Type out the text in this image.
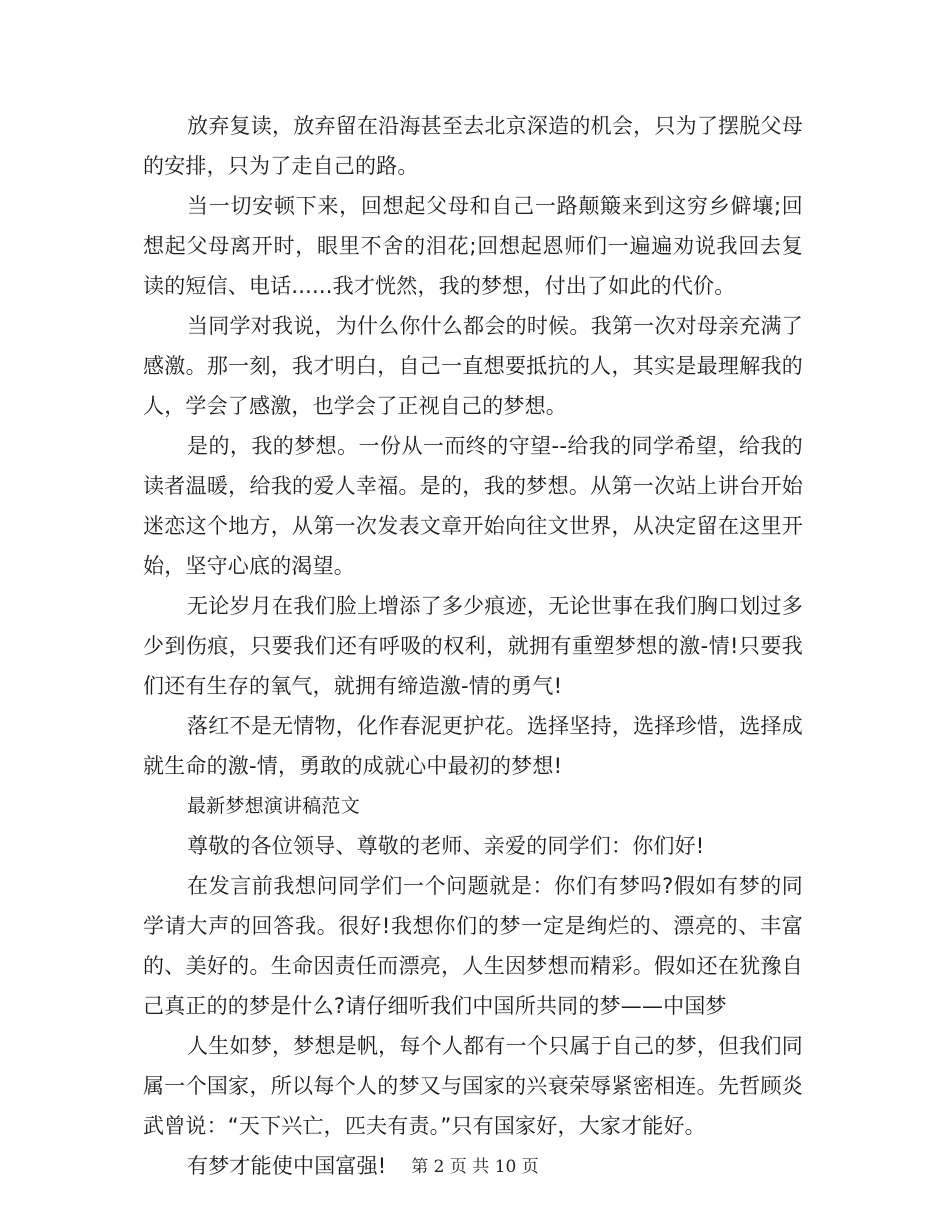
放弃复读，放弃留在沿海甚至去北京深造的机会，只为了摆脱父母的安排，只为了走自己的路。

当一切安顿下来，回想起父母和自己一路颠簸来到这穷乡僻壤;回想起父母离开时，眼里不舍的泪花;回想起恩师们一遍遍劝说我回去复读的短信、电话......我才恍然，我的梦想，付出了如此的代价。

当同学对我说，为什么你什么都会的时候。我第一次对母亲充满了感激。那一刻，我才明白，自己一直想要抵抗的人，其实是最理解我的人，学会了感激，也学会了正视自己的梦想。

是的，我的梦想。一份从一而终的守望--给我的同学希望，给我的读者温暖，给我的爱人幸福。是的，我的梦想。从第一次站上讲台开始迷恋这个地方，从第一次发表文章开始向往文世界，从决定留在这里开始，坚守心底的渴望。

无论岁月在我们脸上增添了多少痕迹，无论世事在我们胸口划过多少到伤痕，只要我们还有呼吸的权利，就拥有重塑梦想的激-情!只要我们还有生存的氧气，就拥有缔造激-情的勇气!

落红不是无情物，化作春泥更护花。选择坚持，选择珍惜，选择成就生命的激-情，勇敢的成就心中最初的梦想!

最新梦想演讲稿范文

尊敬的各位领导、尊敬的老师、亲爱的同学们：你们好!

在发言前我想问同学们一个问题就是：你们有梦吗?假如有梦的同学请大声的回答我。很好!我想你们的梦一定是绚烂的、漂亮的、丰富的、美好的。生命因责任而漂亮，人生因梦想而精彩。假如还在犹豫自己真正的的梦是什么?请仔细听我们中国所共同的梦——中国梦

人生如梦，梦想是帆，每个人都有一个只属于自己的梦，但我们同属一个国家，所以每个人的梦又与国家的兴衰荣辱紧密相连。先哲顾炎武曾说：“天下兴亡，匹夫有责。”只有国家好，大家才能好。

有梦才能使中国富强!	第 2 页 共 10 页
